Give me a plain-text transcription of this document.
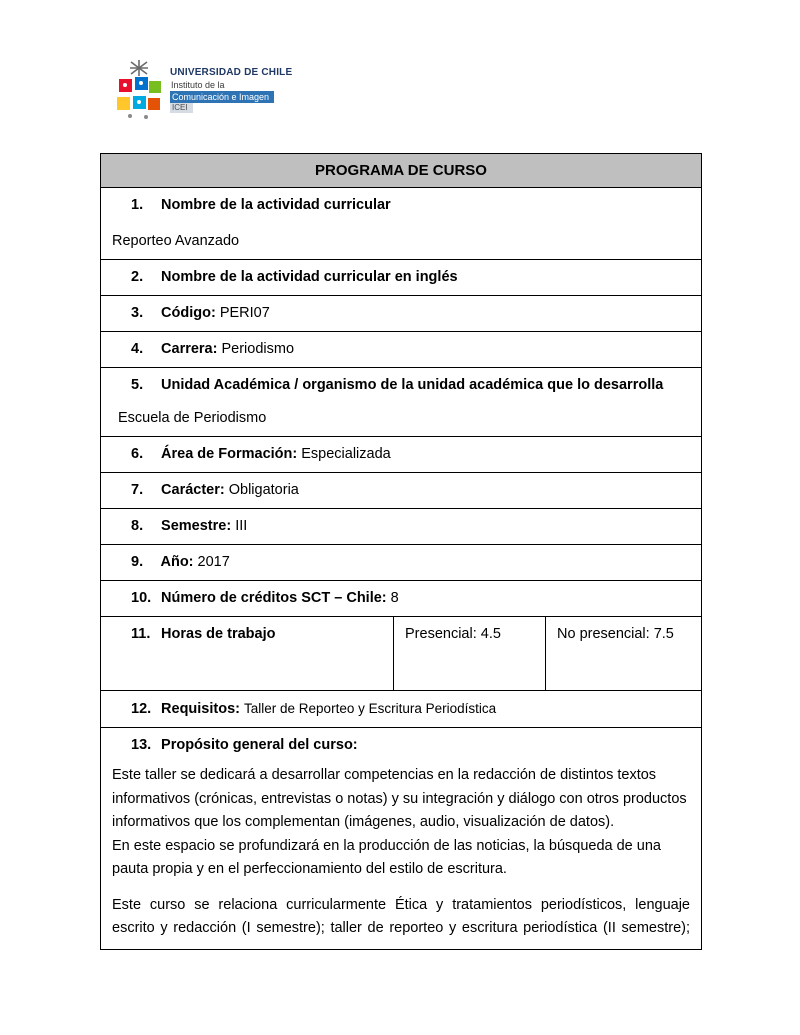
UNIVERSIDAD DE CHILE
Instituto de la
Comunicación e Imagen
ICEI
PROGRAMA DE CURSO

1. Nombre de la actividad curricular
Reporteo Avanzado

2. Nombre de la actividad curricular en inglés

3. Código: PERI07

4. Carrera: Periodismo

5. Unidad Académica / organismo de la unidad académica que lo desarrolla
Escuela de Periodismo

6. Área de Formación: Especializada

7. Carácter: Obligatoria

8. Semestre: III

9. Año: 2017

10. Número de créditos SCT – Chile: 8

11. Horas de trabajo	Presencial: 4.5	No presencial: 7.5

12. Requisitos: Taller de Reporteo y Escritura Periodística

13. Propósito general del curso:

Este taller se dedicará a desarrollar competencias en la redacción de distintos textos informativos (crónicas, entrevistas o notas) y su integración y diálogo con otros productos informativos que los complementan (imágenes, audio, visualización de datos).

En este espacio se profundizará en la producción de las noticias, la búsqueda de una pauta propia y en el perfeccionamiento del estilo de escritura.

Este curso se relaciona curricularmente Ética y tratamientos periodísticos, lenguaje escrito y redacción (I semestre); taller de reporteo y escritura periodística (II semestre);
